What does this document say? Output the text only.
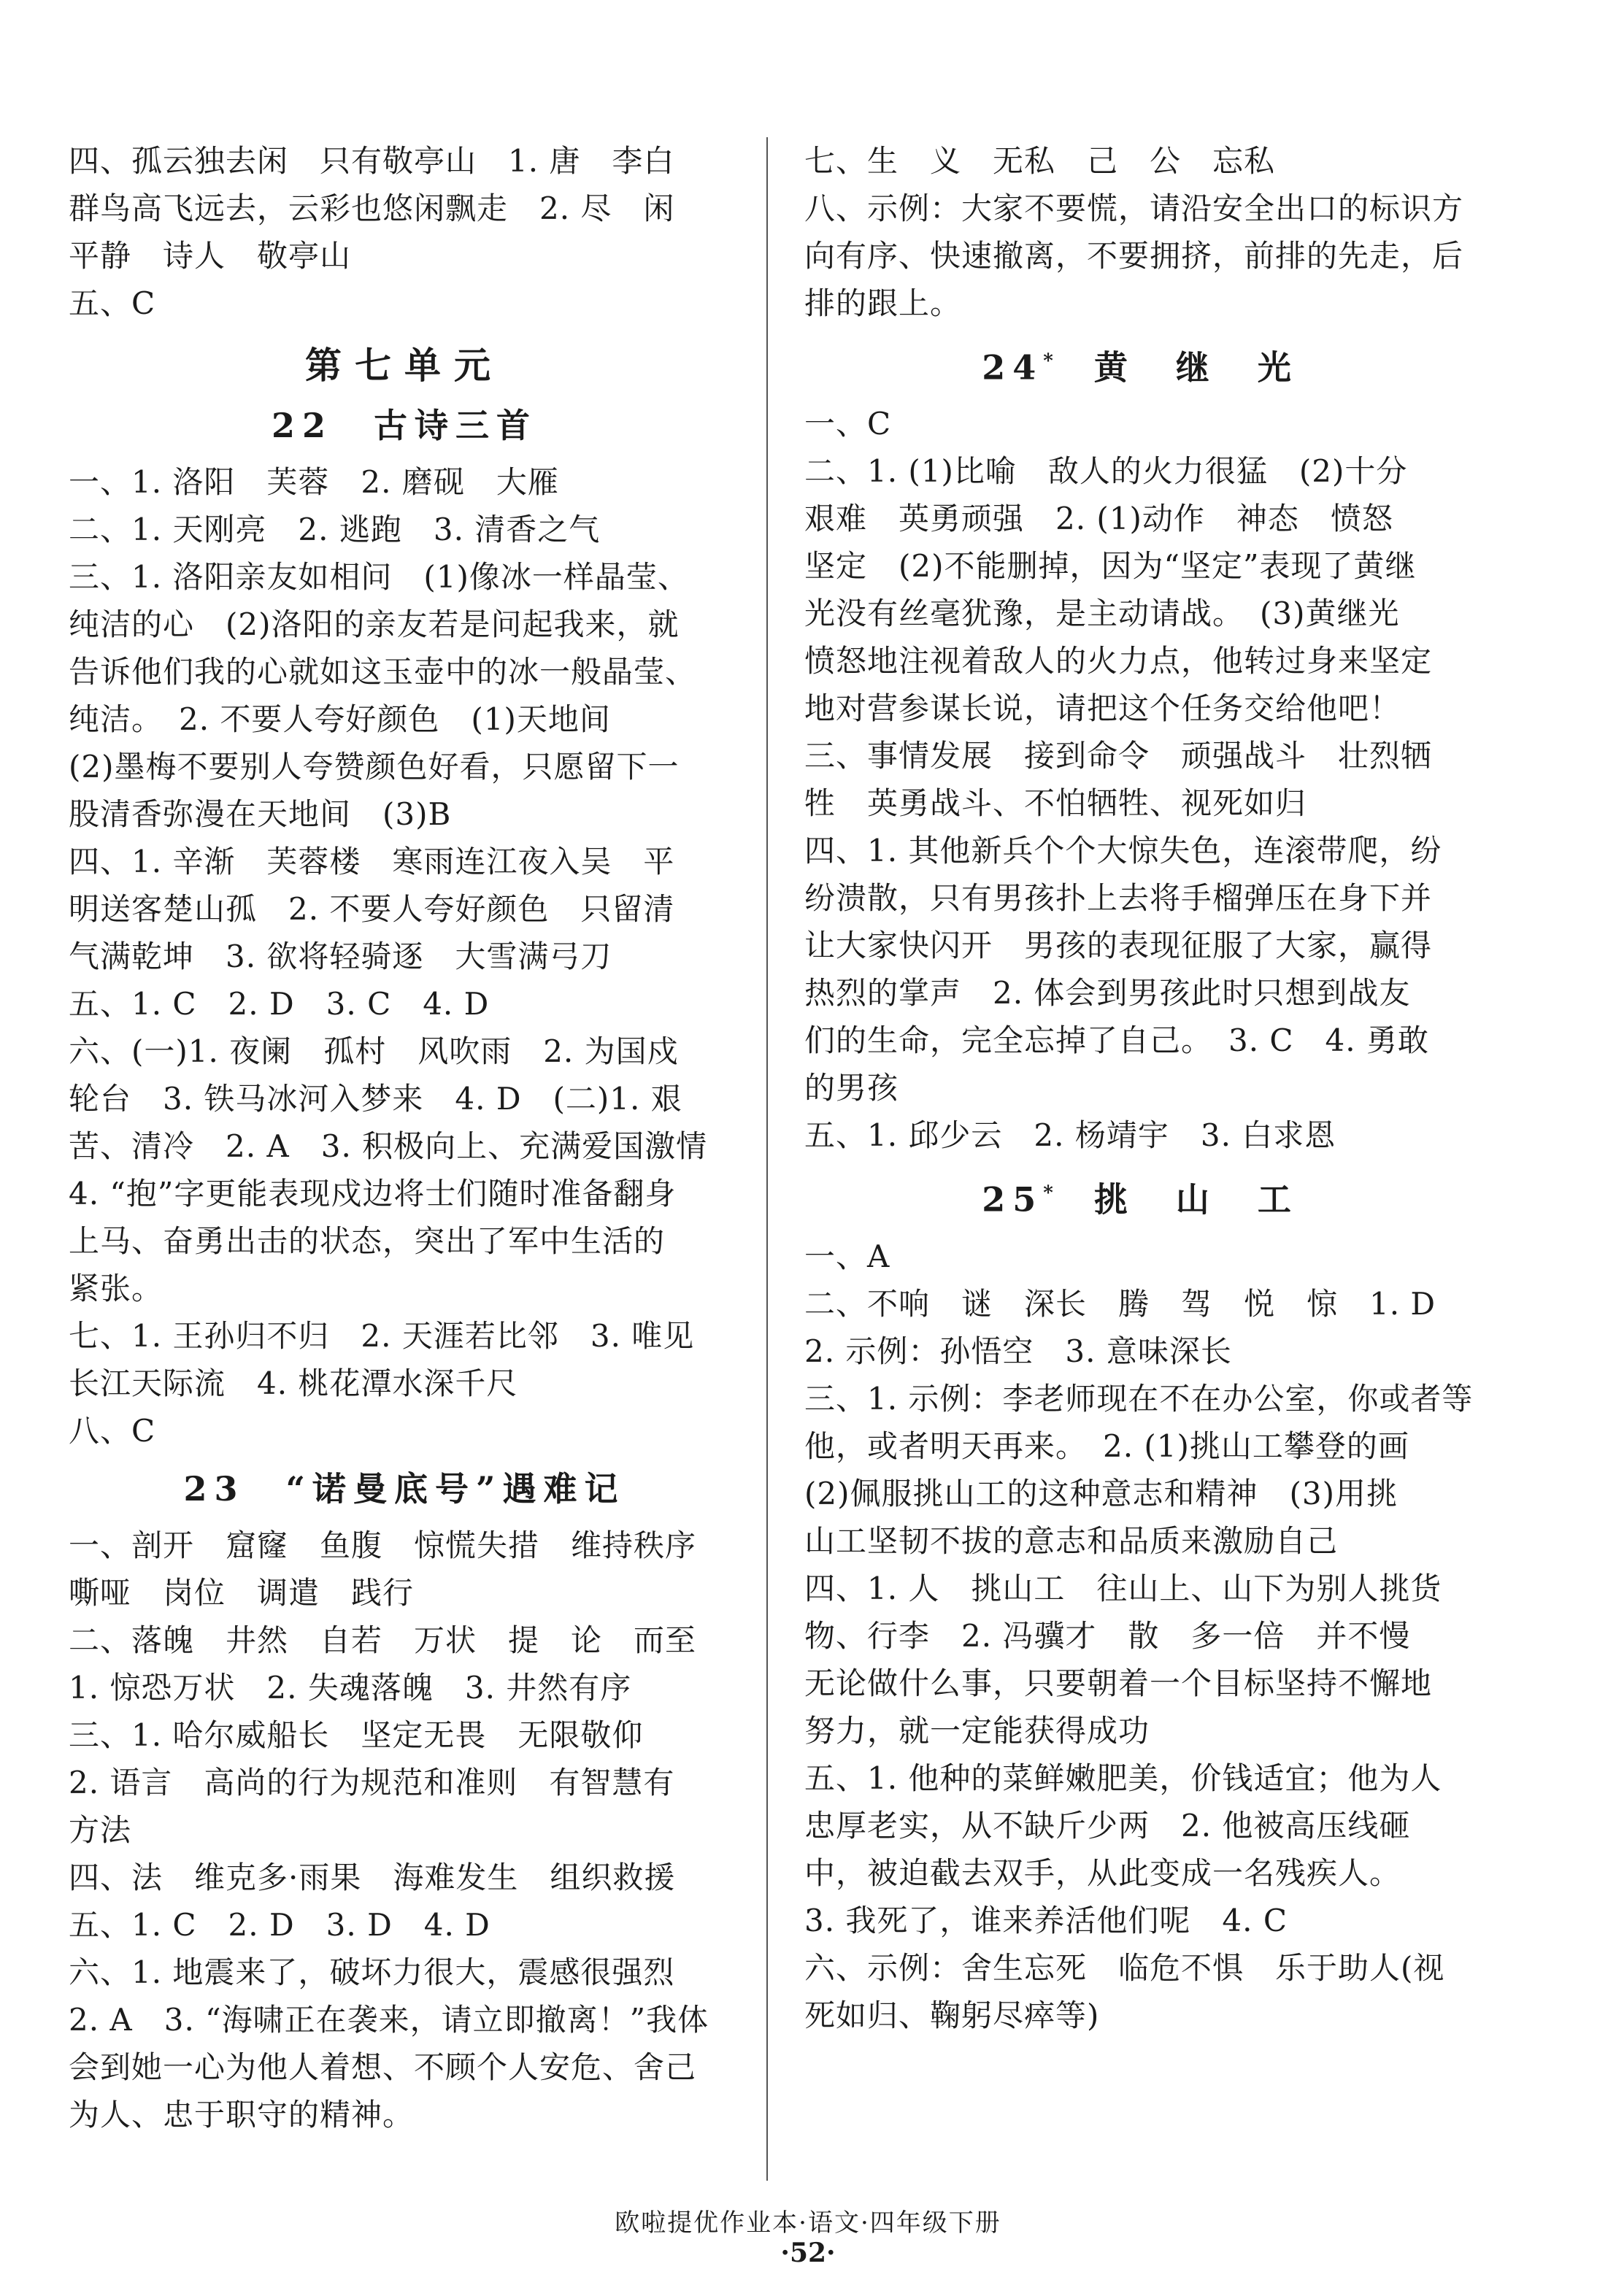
四、孤云独去闲　只有敬亭山　1. 唐　李白
群鸟高飞远去，云彩也悠闲飘走　2. 尽　闲
平静　诗人　敬亭山
五、C
第七单元
22　古诗三首
一、1. 洛阳　芙蓉　2. 磨砚　大雁
二、1. 天刚亮　2. 逃跑　3. 清香之气
三、1. 洛阳亲友如相问　(1)像冰一样晶莹、
纯洁的心　(2)洛阳的亲友若是问起我来，就
告诉他们我的心就如这玉壶中的冰一般晶莹、
纯洁。　2. 不要人夸好颜色　(1)天地间
(2)墨梅不要别人夸赞颜色好看，只愿留下一
股清香弥漫在天地间　(3)B
四、1. 辛渐　芙蓉楼　寒雨连江夜入吴　平
明送客楚山孤　2. 不要人夸好颜色　只留清
气满乾坤　3. 欲将轻骑逐　大雪满弓刀
五、1. C　2. D　3. C　4. D
六、(一)1. 夜阑　孤村　风吹雨　2. 为国戍
轮台　3. 铁马冰河入梦来　4. D　(二)1. 艰
苦、清冷　2. A　3. 积极向上、充满爱国激情
4. “抱”字更能表现戍边将士们随时准备翻身
上马、奋勇出击的状态，突出了军中生活的
紧张。
七、1. 王孙归不归　2. 天涯若比邻　3. 唯见
长江天际流　4. 桃花潭水深千尺
八、C
23　“诺曼底号”遇难记
一、剖开　窟窿　鱼腹　惊慌失措　维持秩序
嘶哑　岗位　调遣　践行
二、落魄　井然　自若　万状　提　论　而至
1. 惊恐万状　2. 失魂落魄　3. 井然有序
三、1. 哈尔威船长　坚定无畏　无限敬仰
2. 语言　高尚的行为规范和准则　有智慧有
方法
四、法　维克多·雨果　海难发生　组织救援
五、1. C　2. D　3. D　4. D
六、1. 地震来了，破坏力很大，震感很强烈
2. A　3. “海啸正在袭来，请立即撤离！”我体
会到她一心为他人着想、不顾个人安危、舍己
为人、忠于职守的精神。
七、生　义　无私　己　公　忘私
八、示例：大家不要慌，请沿安全出口的标识方
向有序、快速撤离，不要拥挤，前排的先走，后
排的跟上。
24*　黄　继　光
一、C
二、1. (1)比喻　敌人的火力很猛　(2)十分
艰难　英勇顽强　2. (1)动作　神态　愤怒
坚定　(2)不能删掉，因为“坚定”表现了黄继
光没有丝毫犹豫，是主动请战。　(3)黄继光
愤怒地注视着敌人的火力点，他转过身来坚定
地对营参谋长说，请把这个任务交给他吧！
三、事情发展　接到命令　顽强战斗　壮烈牺
牲　英勇战斗、不怕牺牲、视死如归
四、1. 其他新兵个个大惊失色，连滚带爬，纷
纷溃散，只有男孩扑上去将手榴弹压在身下并
让大家快闪开　男孩的表现征服了大家，赢得
热烈的掌声　2. 体会到男孩此时只想到战友
们的生命，完全忘掉了自己。　3. C　4. 勇敢
的男孩
五、1. 邱少云　2. 杨靖宇　3. 白求恩
25*　挑　山　工
一、A
二、不响　谜　深长　腾　驾　悦　惊　1. D
2. 示例：孙悟空　3. 意味深长
三、1. 示例：李老师现在不在办公室，你或者等
他，或者明天再来。　2. (1)挑山工攀登的画
(2)佩服挑山工的这种意志和精神　(3)用挑
山工坚韧不拔的意志和品质来激励自己
四、1. 人　挑山工　往山上、山下为别人挑货
物、行李　2. 冯骥才　散　多一倍　并不慢
无论做什么事，只要朝着一个目标坚持不懈地
努力，就一定能获得成功
五、1. 他种的菜鲜嫩肥美，价钱适宜；他为人
忠厚老实，从不缺斤少两　2. 他被高压线砸
中，被迫截去双手，从此变成一名残疾人。
3. 我死了，谁来养活他们呢　4. C
六、示例：舍生忘死　临危不惧　乐于助人(视
死如归、鞠躬尽瘁等)
欧啦提优作业本·语文·四年级下册
·52·
